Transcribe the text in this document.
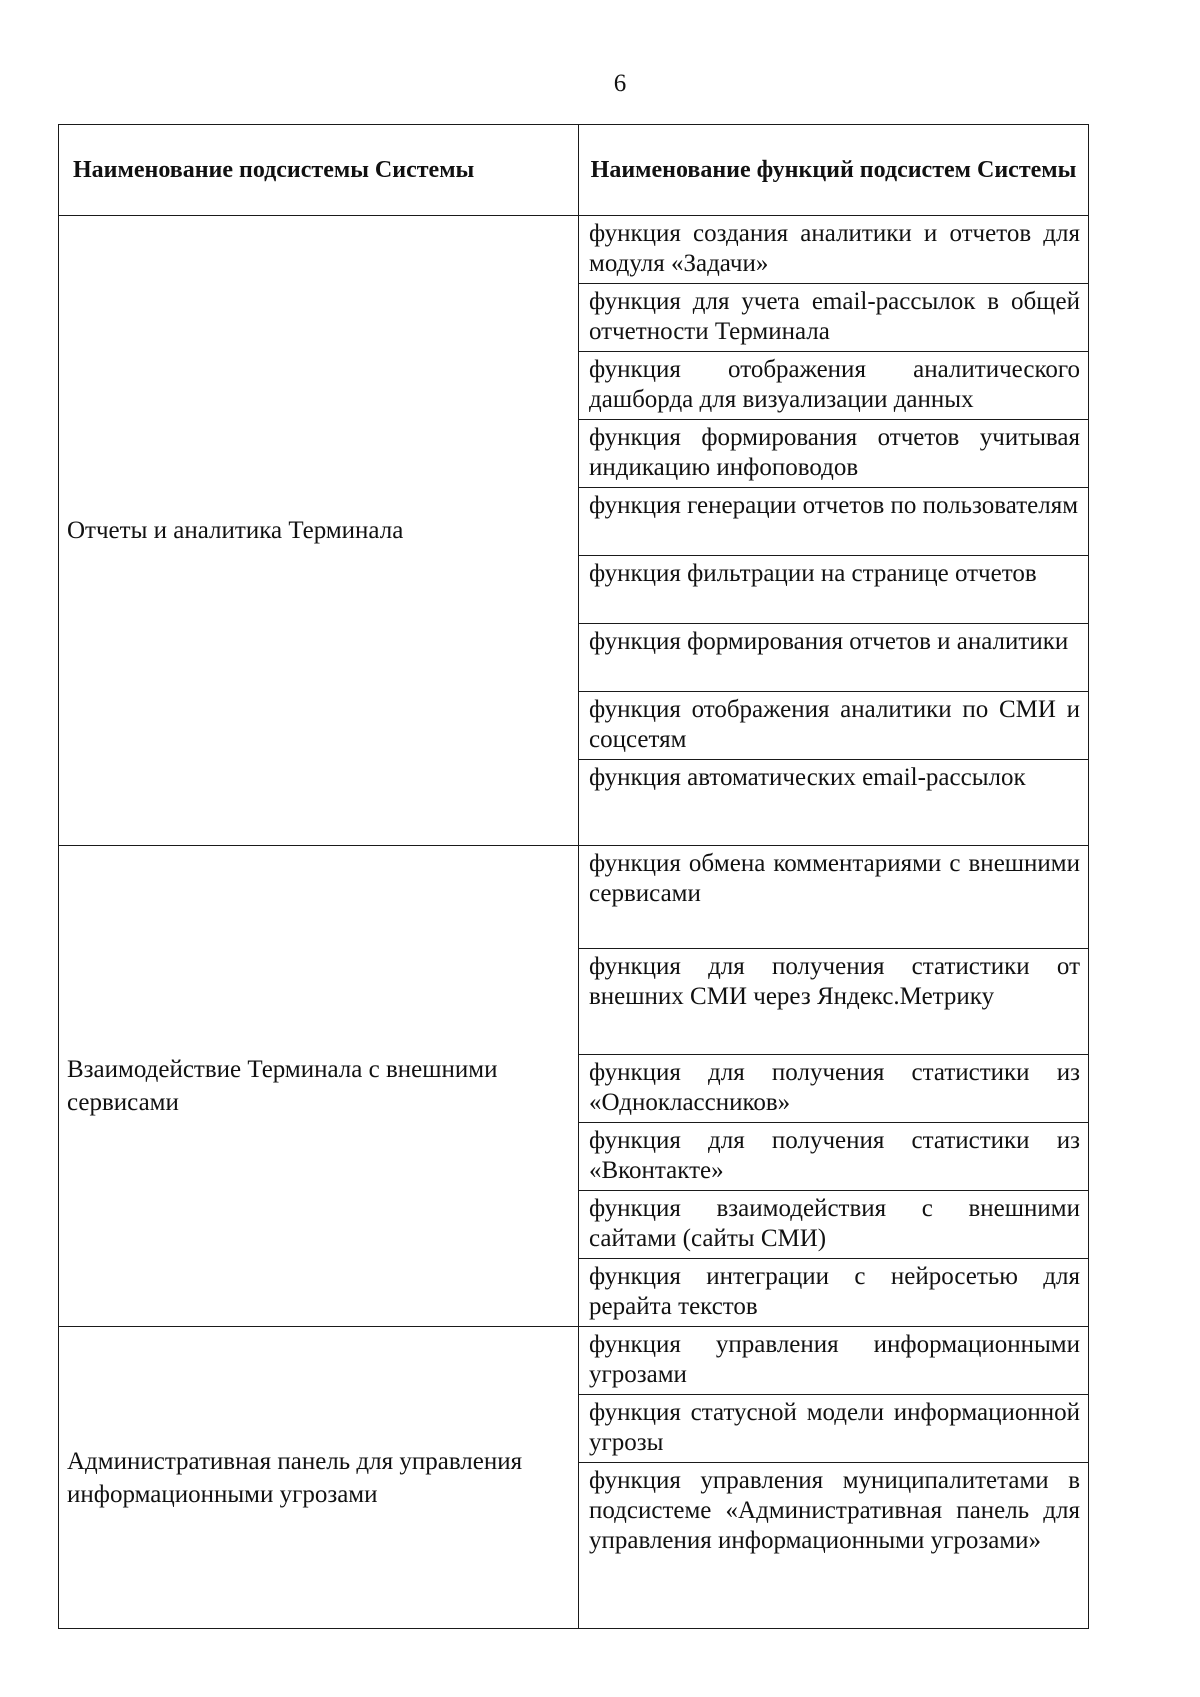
6
Наименование подсистемы Системы	Наименование функций подсистем Системы
Отчеты и аналитика Терминала	функция создания аналитики и отчетов для модуля «Задачи»
	функция для учета email-рассылок в общей отчетности Терминала
	функция отображения аналитического дашборда для визуализации данных
	функция формирования отчетов учитывая индикацию инфоповодов
	функция генерации отчетов по пользователям
	функция фильтрации на странице отчетов
	функция формирования отчетов и аналитики
	функция отображения аналитики по СМИ и соцсетям
	функция автоматических email-рассылок
Взаимодействие Терминала с внешними сервисами	функция обмена комментариями с внешними сервисами
	функция для получения статистики от внешних СМИ через Яндекс.Метрику
	функция для получения статистики из «Одноклассников»
	функция для получения статистики из «Вконтакте»
	функция взаимодействия с внешними сайтами (сайты СМИ)
	функция интеграции с нейросетью для рерайта текстов
Административная панель для управления информационными угрозами	функция управления информационными угрозами
	функция статусной модели информационной угрозы
	функция управления муниципалитетами в подсистеме «Административная панель для управления информационными угрозами»
